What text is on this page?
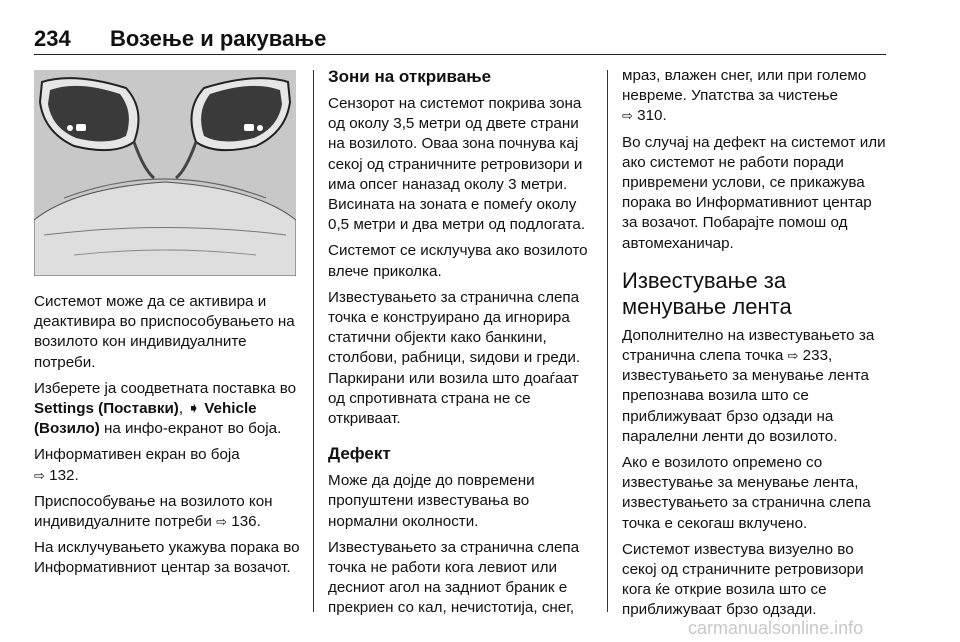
234 Возење и ракување

Системот може да се активира и деактивира во приспособувањето на возилото кон индивидуалните потреби.

Изберете ја соодветната поставка во Settings (Поставки), ➧ Vehicle (Возило) на инфо-екранот во боја.

Информативен екран во боја
⇨ 132.

Приспособување на возилото кон индивидуалните потреби ⇨ 136.

На исклучувањето укажува порака во Информативниот центар за возачот.

Зони на откривање

Сензорот на системот покрива зона од околу 3,5 метри од двете страни на возилото. Оваа зона почнува кај секој од страничните ретровизори и има опсег наназад околу 3 метри. Висината на зоната е помеѓу околу 0,5 метри и два метри од подлогата.

Системот се исклучува ако возилото влече приколка.

Известувањето за странична слепа точка е конструирано да игнорира статични објекти како банкини, столбови, рабници, ѕидови и греди. Паркирани или возила што доаѓаат од спротивната страна не се откриваат.

Дефект

Може да дојде до повремени пропуштени известувања во нормални околности.

Известувањето за странична слепа точка не работи кога левиот или десниот агол на задниот браник е прекриен со кал, нечистотија, снег,

мраз, влажен снег, или при големо невреме. Упатства за чистење
⇨ 310.

Во случај на дефект на системот или ако системот не работи поради привремени услови, се прикажува порака во Информативниот центар за возачот. Побарајте помош од автомеханичар.

Известување за менување лента

Дополнително на известувањето за странична слепа точка ⇨ 233, известувањето за менување лента препознава возила што се приближуваат брзо одзади на паралелни ленти до возилото.

Ако е возилото опремено со известување за менување лента, известувањето за странична слепа точка е секогаш вклучено.

Системот известува визуелно во секој од страничните ретровизори кога ќе открие возила што се приближуваат брзо одзади.

carmanualsonline.info
